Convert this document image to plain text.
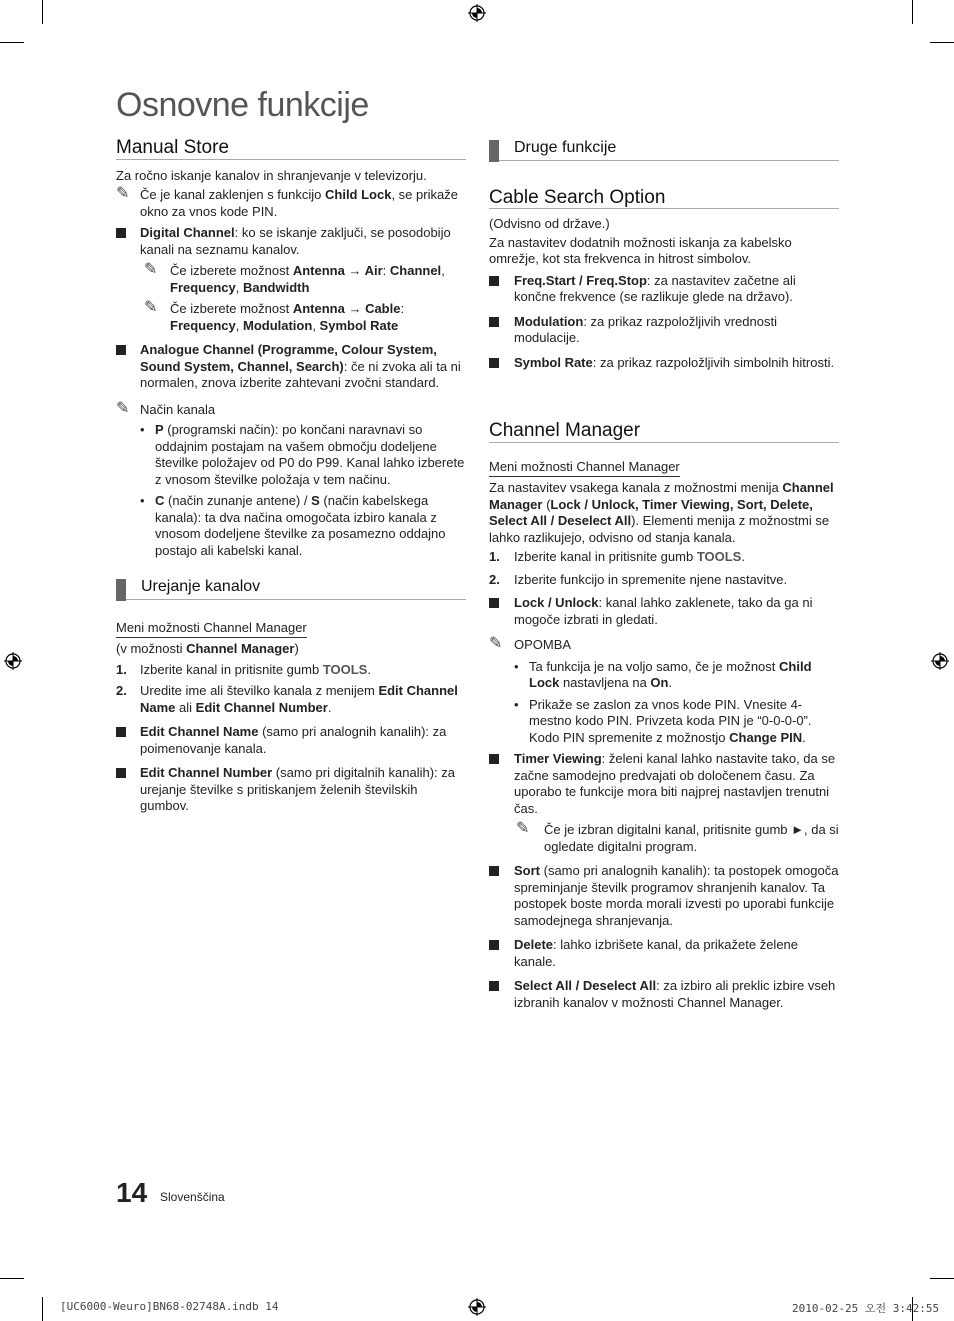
Osnovne funkcije
Manual Store

Za ročno iskanje kanalov in shranjevanje v televizorju.

✎ Če je kanal zaklenjen s funkcijo Child Lock, se prikaže okno za vnos kode PIN.
Digital Channel: ko se iskanje zaključi, se posodobijo kanali na seznamu kanalov.
✎ Če izberete možnost Antenna → Air: Channel, Frequency, Bandwidth
✎ Če izberete možnost Antenna → Cable: Frequency, Modulation, Symbol Rate
Analogue Channel (Programme, Colour System, Sound System, Channel, Search): če ni zvoka ali ta ni normalen, znova izberite zahtevani zvočni standard.
✎ Način kanala
• P (programski način): po končani naravnavi so oddajnim postajam na vašem območju dodeljene številke položajev od P0 do P99. Kanal lahko izberete z vnosom številke položaja v tem načinu.
• C (način zunanje antene) / S (način kabelskega kanala): ta dva načina omogočata izbiro kanala z vnosom dodeljene številke za posamezno oddajno postajo ali kabelski kanal.
Urejanje kanalov

Meni možnosti Channel Manager

(v možnosti Channel Manager)

1. Izberite kanal in pritisnite gumb TOOLS.
2. Uredite ime ali številko kanala z menijem Edit Channel Name ali Edit Channel Number.
Edit Channel Name (samo pri analognih kanalih): za poimenovanje kanala.
Edit Channel Number (samo pri digitalnih kanalih): za urejanje številke s pritiskanjem želenih številskih gumbov.
Druge funkcije
Cable Search Option

(Odvisno od države.)

Za nastavitev dodatnih možnosti iskanja za kabelsko omrežje, kot sta frekvenca in hitrost simbolov.

Freq.Start / Freq.Stop: za nastavitev začetne ali končne frekvence (se razlikuje glede na državo).
Modulation: za prikaz razpoložljivih vrednosti modulacije.
Symbol Rate: za prikaz razpoložljivih simbolnih hitrosti.
Channel Manager

Meni možnosti Channel Manager

Za nastavitev vsakega kanala z možnostmi menija Channel Manager (Lock / Unlock, Timer Viewing, Sort, Delete, Select All / Deselect All). Elementi menija z možnostmi se lahko razlikujejo, odvisno od stanja kanala.

1. Izberite kanal in pritisnite gumb TOOLS.
2. Izberite funkcijo in spremenite njene nastavitve.
Lock / Unlock: kanal lahko zaklenete, tako da ga ni mogoče izbrati in gledati.
✎ OPOMBA
• Ta funkcija je na voljo samo, če je možnost Child Lock nastavljena na On.
• Prikaže se zaslon za vnos kode PIN. Vnesite 4-mestno kodo PIN. Privzeta koda PIN je “0-0-0-0”. Kodo PIN spremenite z možnostjo Change PIN.
Timer Viewing: želeni kanal lahko nastavite tako, da se začne samodejno predvajati ob določenem času. Za uporabo te funkcije mora biti najprej nastavljen trenutni čas.
✎ Če je izbran digitalni kanal, pritisnite gumb ►, da si ogledate digitalni program.
Sort (samo pri analognih kanalih): ta postopek omogoča spreminjanje številk programov shranjenih kanalov. Ta postopek boste morda morali izvesti po uporabi funkcije samodejnega shranjevanja.
Delete: lahko izbrišete kanal, da prikažete želene kanale.
Select All / Deselect All: za izbiro ali preklic izbire vseh izbranih kanalov v možnosti Channel Manager.
14 Slovenščina
[UC6000-Weuro]BN68-02748A.indb 14	2010-02-25 오전 3:42:55
